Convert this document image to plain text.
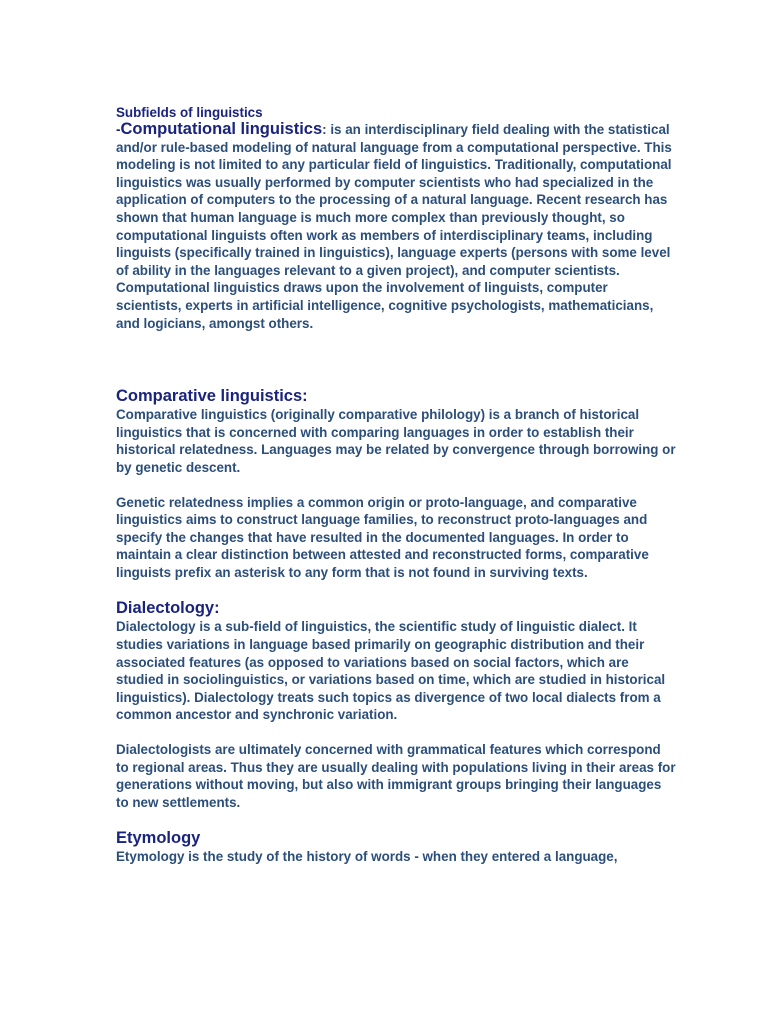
Subfields of linguistics

-Computational linguistics: is an interdisciplinary field dealing with the statistical and/or rule-based modeling of natural language from a computational perspective. This modeling is not limited to any particular field of linguistics. Traditionally, computational linguistics was usually performed by computer scientists who had specialized in the application of computers to the processing of a natural language. Recent research has shown that human language is much more complex than previously thought, so computational linguists often work as members of interdisciplinary teams, including linguists (specifically trained in linguistics), language experts (persons with some level of ability in the languages relevant to a given project), and computer scientists. Computational linguistics draws upon the involvement of linguists, computer scientists, experts in artificial intelligence, cognitive psychologists, mathematicians, and logicians, amongst others.

Comparative linguistics:

Comparative linguistics (originally comparative philology) is a branch of historical linguistics that is concerned with comparing languages in order to establish their historical relatedness. Languages may be related by convergence through borrowing or by genetic descent.

Genetic relatedness implies a common origin or proto-language, and comparative linguistics aims to construct language families, to reconstruct proto-languages and specify the changes that have resulted in the documented languages. In order to maintain a clear distinction between attested and reconstructed forms, comparative linguists prefix an asterisk to any form that is not found in surviving texts.

Dialectology:

Dialectology is a sub-field of linguistics, the scientific study of linguistic dialect. It studies variations in language based primarily on geographic distribution and their associated features (as opposed to variations based on social factors, which are studied in sociolinguistics, or variations based on time, which are studied in historical linguistics). Dialectology treats such topics as divergence of two local dialects from a common ancestor and synchronic variation.

Dialectologists are ultimately concerned with grammatical features which correspond to regional areas. Thus they are usually dealing with populations living in their areas for generations without moving, but also with immigrant groups bringing their languages to new settlements.

Etymology

Etymology is the study of the history of words - when they entered a language,
